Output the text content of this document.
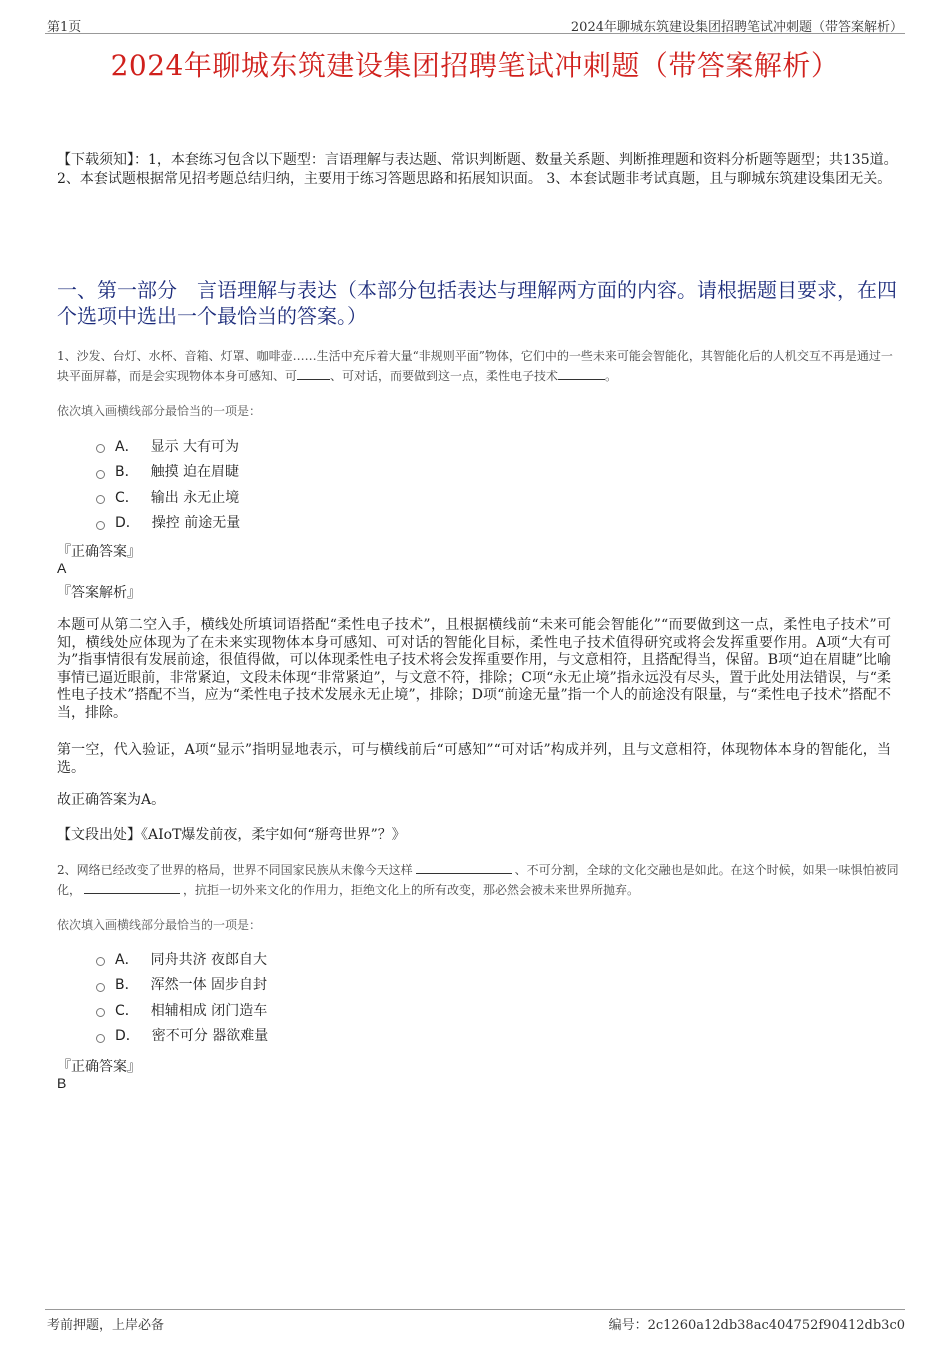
第1页	2024年聊城东筑建设集团招聘笔试冲刺题（带答案解析）
2024年聊城东筑建设集团招聘笔试冲刺题（带答案解析）
【下载须知】：1，本套练习包含以下题型：言语理解与表达题、常识判断题、数量关系题、判断推理题和资料分析题等题型；共135道。 2、本套试题根据常见招考题总结归纳，主要用于练习答题思路和拓展知识面。 3、本套试题非考试真题，且与聊城东筑建设集团无关。
一、第一部分　言语理解与表达（本部分包括表达与理解两方面的内容。请根据题目要求，在四个选项中选出一个最恰当的答案。）
1、沙发、台灯、水杯、音箱、灯罩、咖啡壶……生活中充斥着大量“非规则平面”物体，它们中的一些未来可能会智能化，其智能化后的人机交互不再是通过一块平面屏幕，而是会实现物体本身可感知、可	、可对话，而要做到这一点，柔性电子技术	。
依次填入画横线部分最恰当的一项是：
A． 显示 大有可为
B． 触摸 迫在眉睫
C． 输出 永无止境
D． 操控 前途无量
『正确答案』
A
『答案解析』
本题可从第二空入手，横线处所填词语搭配“柔性电子技术”，且根据横线前“未来可能会智能化”“而要做到这一点，柔性电子技术”可知，横线处应体现为了在未来实现物体本身可感知、可对话的智能化目标，柔性电子技术值得研究或将会发挥重要作用。A项“大有可为”指事情很有发展前途，很值得做，可以体现柔性电子技术将会发挥重要作用，与文意相符，且搭配得当，保留。B项“迫在眉睫”比喻事情已逼近眼前，非常紧迫，文段未体现“非常紧迫”，与文意不符，排除；C项“永无止境”指永远没有尽头，置于此处用法错误，与“柔性电子技术”搭配不当，应为“柔性电子技术发展永无止境”，排除；D项“前途无量”指一个人的前途没有限量，与“柔性电子技术”搭配不当，排除。
第一空，代入验证，A项“显示”指明显地表示，可与横线前后“可感知”“可对话”构成并列，且与文意相符，体现物体本身的智能化，当选。
故正确答案为A。
【文段出处】《AIoT爆发前夜，柔宇如何“掰弯世界”？》
2、网络已经改变了世界的格局，世界不同国家民族从未像今天这样	、不可分割，全球的文化交融也是如此。在这个时候，如果一味惧怕被同化，	，抗拒一切外来文化的作用力，拒绝文化上的所有改变，那必然会被未来世界所抛弃。
依次填入画横线部分最恰当的一项是：
A． 同舟共济 夜郎自大
B． 浑然一体 固步自封
C． 相辅相成 闭门造车
D． 密不可分 器欲难量
『正确答案』
B
考前押题，上岸必备	编号：2c1260a12db38ac404752f90412db3c0
